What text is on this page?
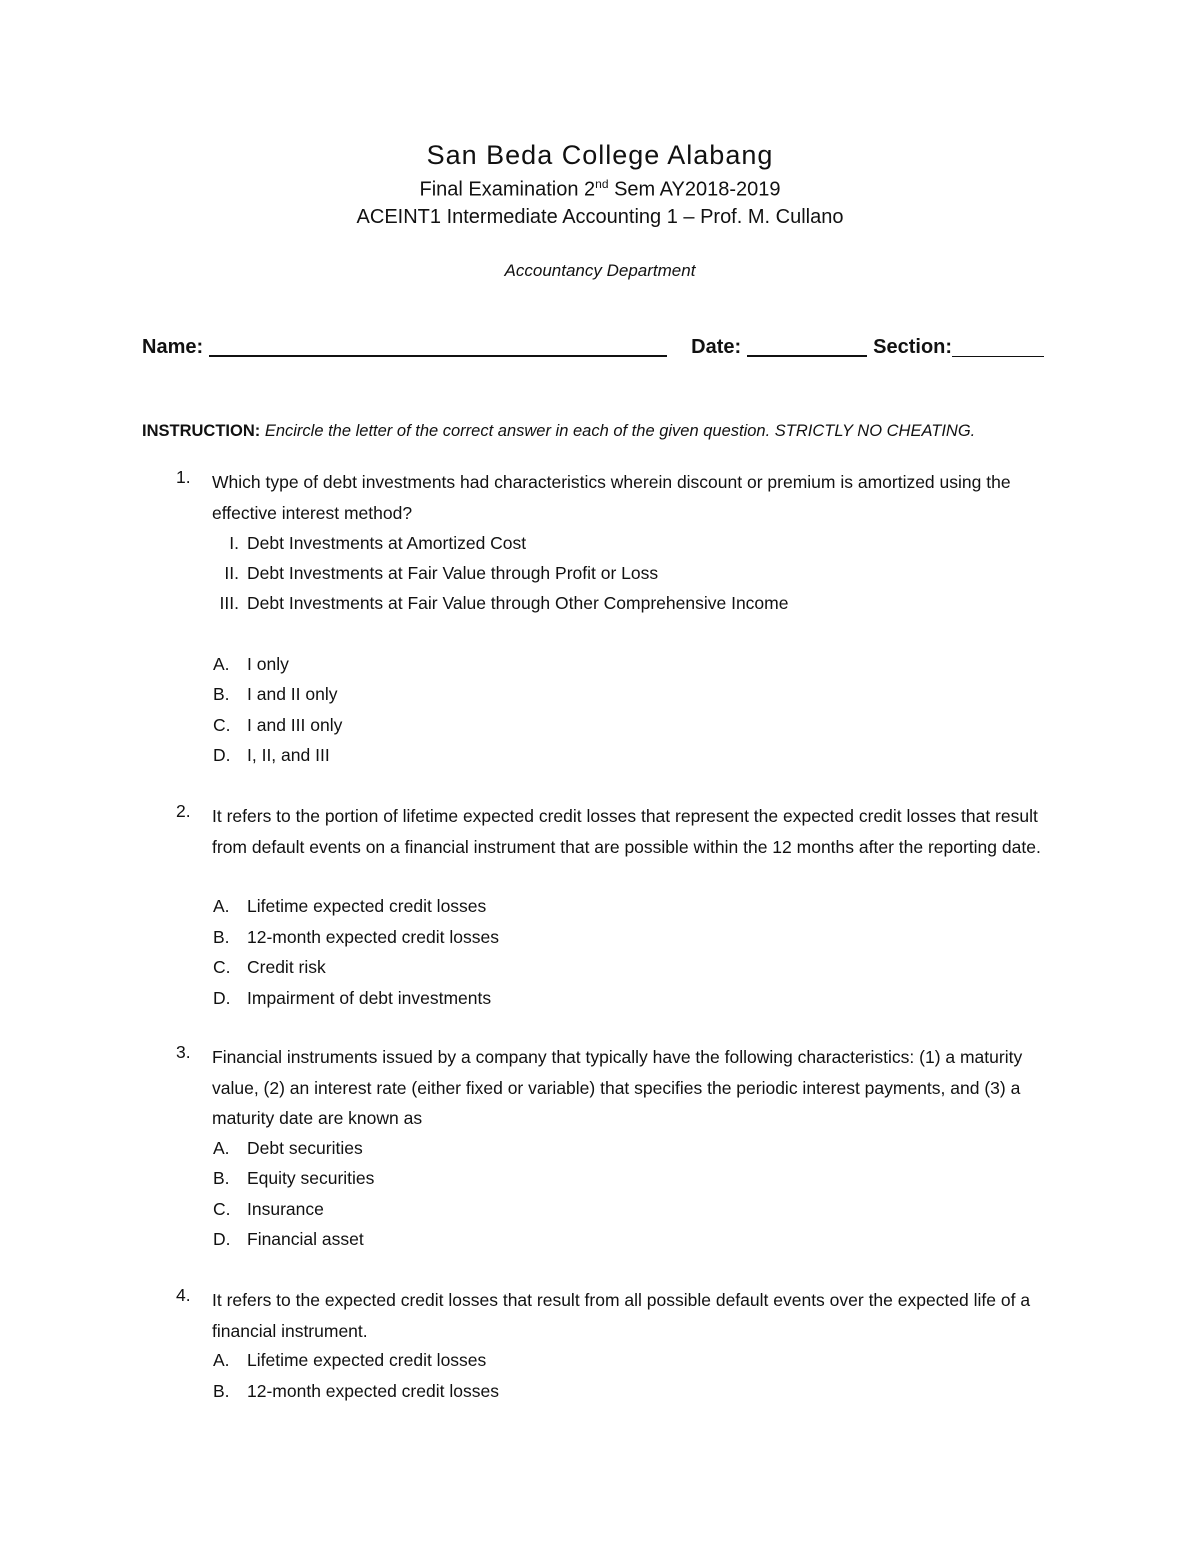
San Beda College Alabang
Final Examination 2nd Sem AY2018-2019
ACEINT1 Intermediate Accounting 1 – Prof. M. Cullano
Accountancy Department
Name:	Date:	Section:
INSTRUCTION: Encircle the letter of the correct answer in each of the given question. STRICTLY NO CHEATING.
1. Which type of debt investments had characteristics wherein discount or premium is amortized using the effective interest method?
I. Debt Investments at Amortized Cost
II. Debt Investments at Fair Value through Profit or Loss
III. Debt Investments at Fair Value through Other Comprehensive Income
A. I only
B. I and II only
C. I and III only
D. I, II, and III
2. It refers to the portion of lifetime expected credit losses that represent the expected credit losses that result from default events on a financial instrument that are possible within the 12 months after the reporting date.
A. Lifetime expected credit losses
B. 12-month expected credit losses
C. Credit risk
D. Impairment of debt investments
3. Financial instruments issued by a company that typically have the following characteristics: (1) a maturity value, (2) an interest rate (either fixed or variable) that specifies the periodic interest payments, and (3) a maturity date are known as
A. Debt securities
B. Equity securities
C. Insurance
D. Financial asset
4. It refers to the expected credit losses that result from all possible default events over the expected life of a financial instrument.
A. Lifetime expected credit losses
B. 12-month expected credit losses
